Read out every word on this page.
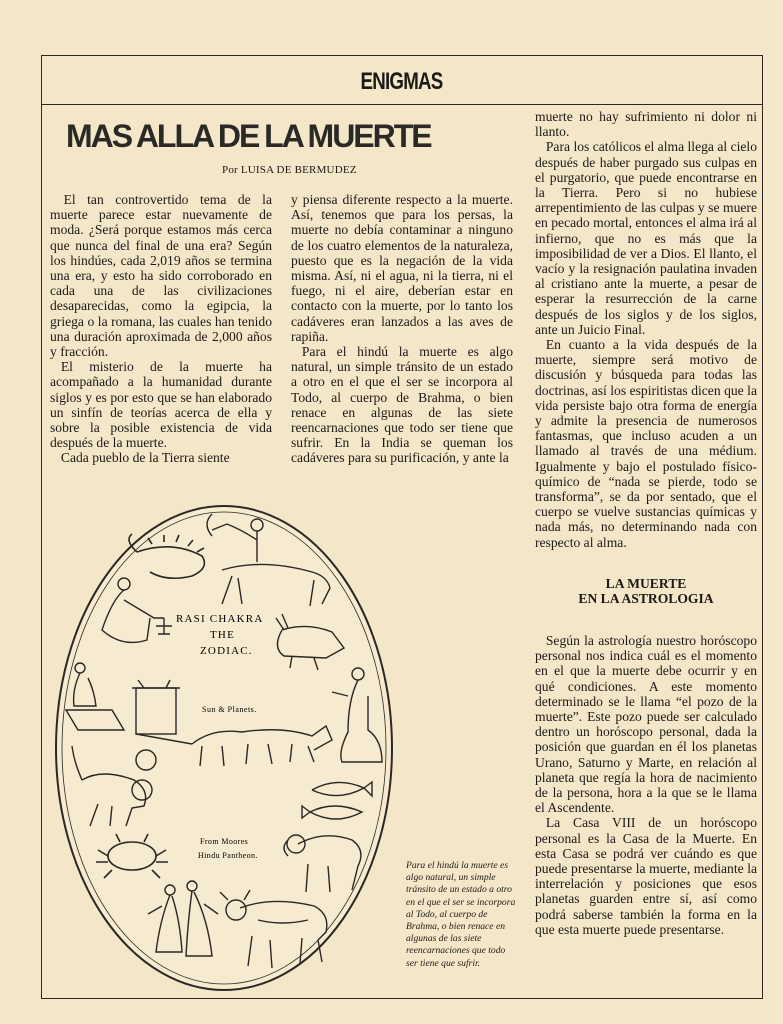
ENIGMAS
MAS ALLA DE LA MUERTE
Por LUISA DE BERMUDEZ

El tan controvertido tema de la muerte parece estar nuevamente de moda. ¿Será porque estamos más cerca que nunca del final de una era? Según los hindúes, cada 2,019 años se termina una era, y esto ha sido corroborado en cada una de las civilizaciones desaparecidas, como la egipcia, la griega o la romana, las cuales han tenido una duración aproximada de 2,000 años y fracción.

El misterio de la muerte ha acompañado a la humanidad durante siglos y es por esto que se han elaborado un sinfín de teorías acerca de ella y sobre la posible existencia de vida después de la muerte.

Cada pueblo de la Tierra siente

y piensa diferente respecto a la muerte. Así, tenemos que para los persas, la muerte no debía contaminar a ninguno de los cuatro elementos de la naturaleza, puesto que es la negación de la vida misma. Así, ni el agua, ni la tierra, ni el fuego, ni el aire, deberían estar en contacto con la muerte, por lo tanto los cadáveres eran lanzados a las aves de rapiña.

Para el hindú la muerte es algo natural, un simple tránsito de un estado a otro en el que el ser se incorpora al Todo, al cuerpo de Brahma, o bien renace en algunas de las siete reencarnaciones que todo ser tiene que sufrir. En la India se queman los cadáveres para su purificación, y ante la

muerte no hay sufrimiento ni dolor ni llanto.

Para los católicos el alma llega al cielo después de haber purgado sus culpas en el purgatorio, que puede encontrarse en la Tierra. Pero si no hubiese arrepentimiento de las culpas y se muere en pecado mortal, entonces el alma irá al infierno, que no es más que la imposibilidad de ver a Dios. El llanto, el vacío y la resignación paulatina invaden al cristiano ante la muerte, a pesar de esperar la resurrección de la carne después de los siglos y de los siglos, ante un Juicio Final.

En cuanto a la vida después de la muerte, siempre será motivo de discusión y búsqueda para todas las doctrinas, así los espiritistas dicen que la vida persiste bajo otra forma de energía y admite la presencia de numerosos fantasmas, que incluso acuden a un llamado al través de una médium. Igualmente y bajo el postulado físico-químico de “nada se pierde, todo se transforma”, se da por sentado, que el cuerpo se vuelve sustancias químicas y nada más, no determinando nada con respecto al alma.

LA MUERTE
EN LA ASTROLOGIA

Según la astrología nuestro horóscopo personal nos indica cuál es el momento en el que la muerte debe ocurrir y en qué condiciones. A este momento determinado se le llama “el pozo de la muerte”. Este pozo puede ser calculado dentro un horóscopo personal, dada la posición que guardan en él los planetas Urano, Saturno y Marte, en relación al planeta que regía la hora de nacimiento de la persona, hora a la que se le llama el Ascendente.

La Casa VIII de un horóscopo personal es la Casa de la Muerte. En esta Casa se podrá ver cuándo es que puede presentarse la muerte, mediante la interrelación y posiciones que esos planetas guarden entre sí, así como podrá saberse también la forma en la que esta muerte puede presentarse.

RASI CHAKRA
THE
ZODIAC.
Sun & Planets.
From Moores
Hindu Pantheon.
Para el hindú la muerte es algo natural, un simple tránsito de un estado a otro en el que el ser se incorpora al Todo, al cuerpo de Brahma, o bien renace en algunas de las siete reencarnaciones que todo ser tiene que sufrir.
